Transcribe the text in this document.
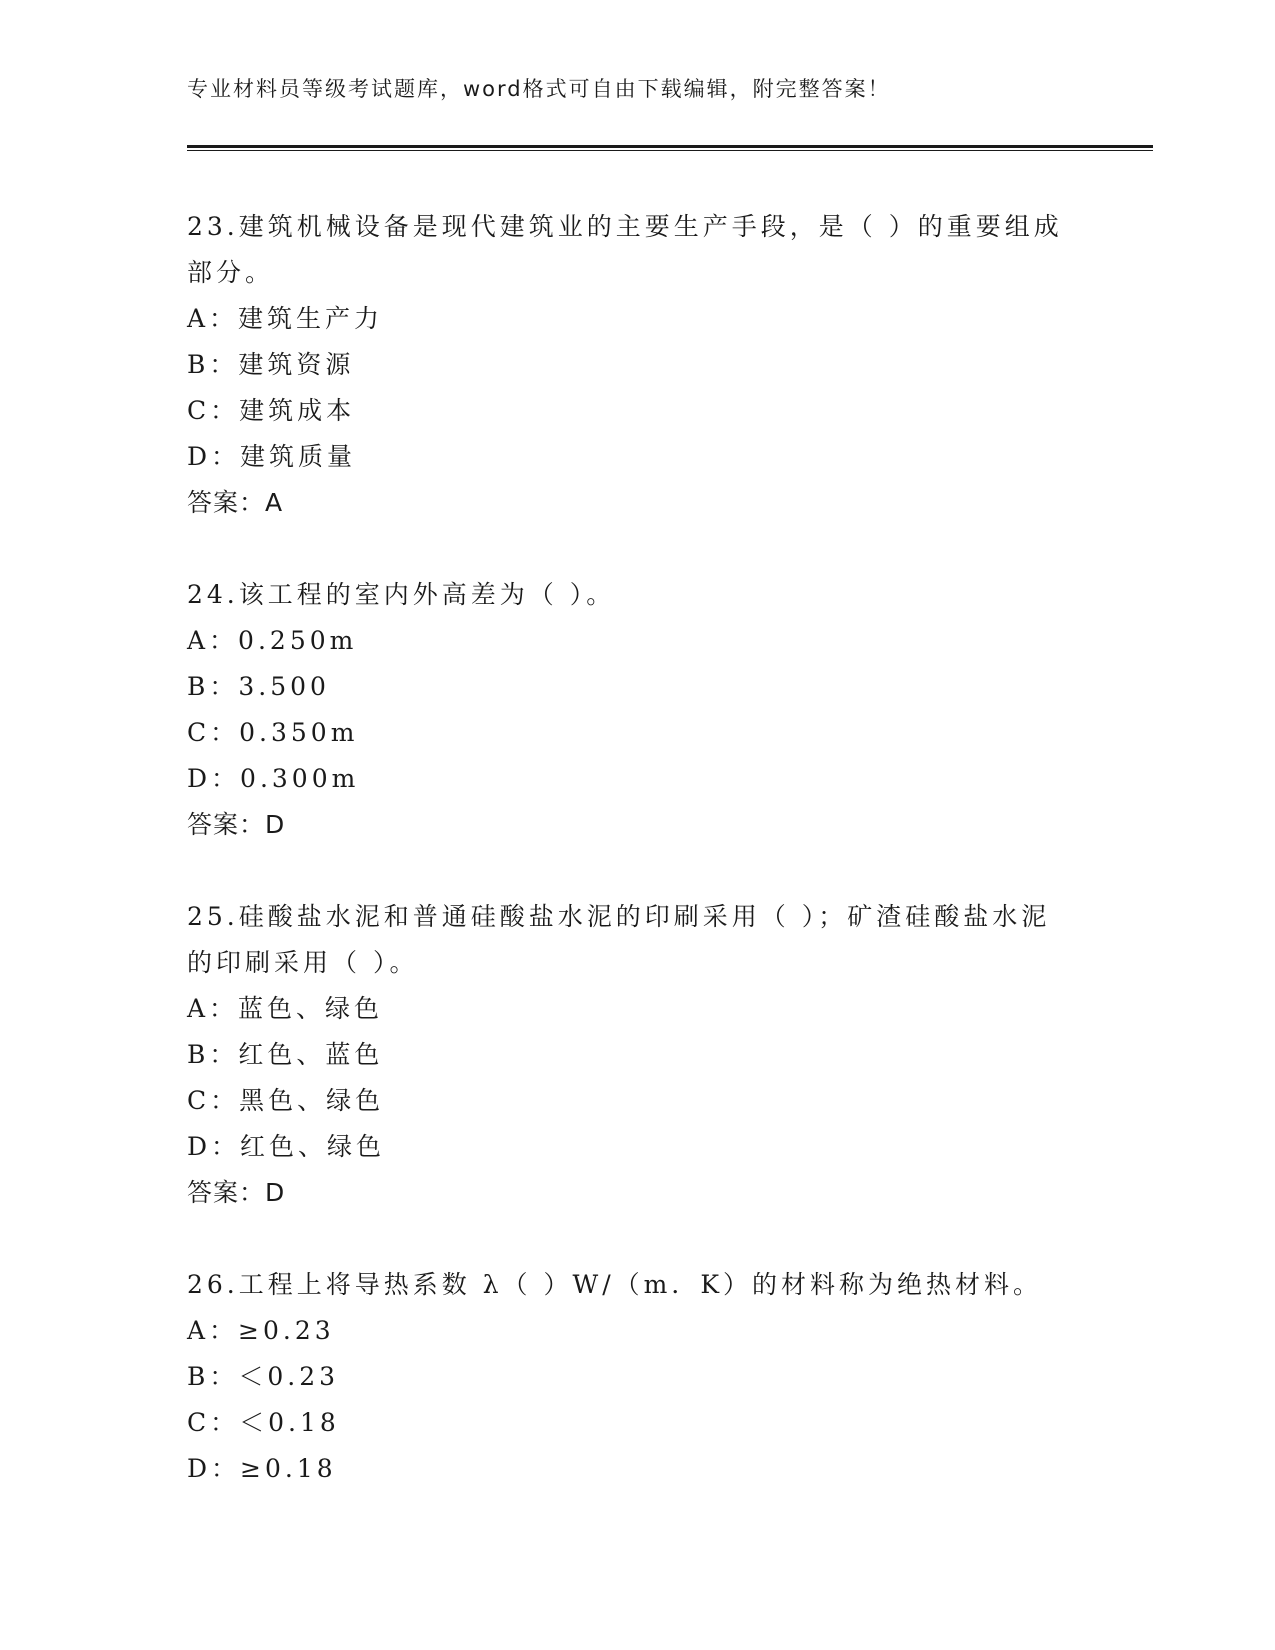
专业材料员等级考试题库，word格式可自由下载编辑，附完整答案！
23.建筑机械设备是现代建筑业的主要生产手段，是（ ）的重要组成
部分。
A：建筑生产力
B：建筑资源
C：建筑成本
D：建筑质量
答案：A
24.该工程的室内外高差为（ ）。
A：0.250m
B：3.500
C：0.350m
D：0.300m
答案：D
25.硅酸盐水泥和普通硅酸盐水泥的印刷采用（ ）；矿渣硅酸盐水泥
的印刷采用（ ）。
A：蓝色、绿色
B：红色、蓝色
C：黑色、绿色
D：红色、绿色
答案：D
26.工程上将导热系数 λ（ ）W/（m．K）的材料称为绝热材料。
A：≥0.23
B：＜0.23
C：＜0.18
D：≥0.18
